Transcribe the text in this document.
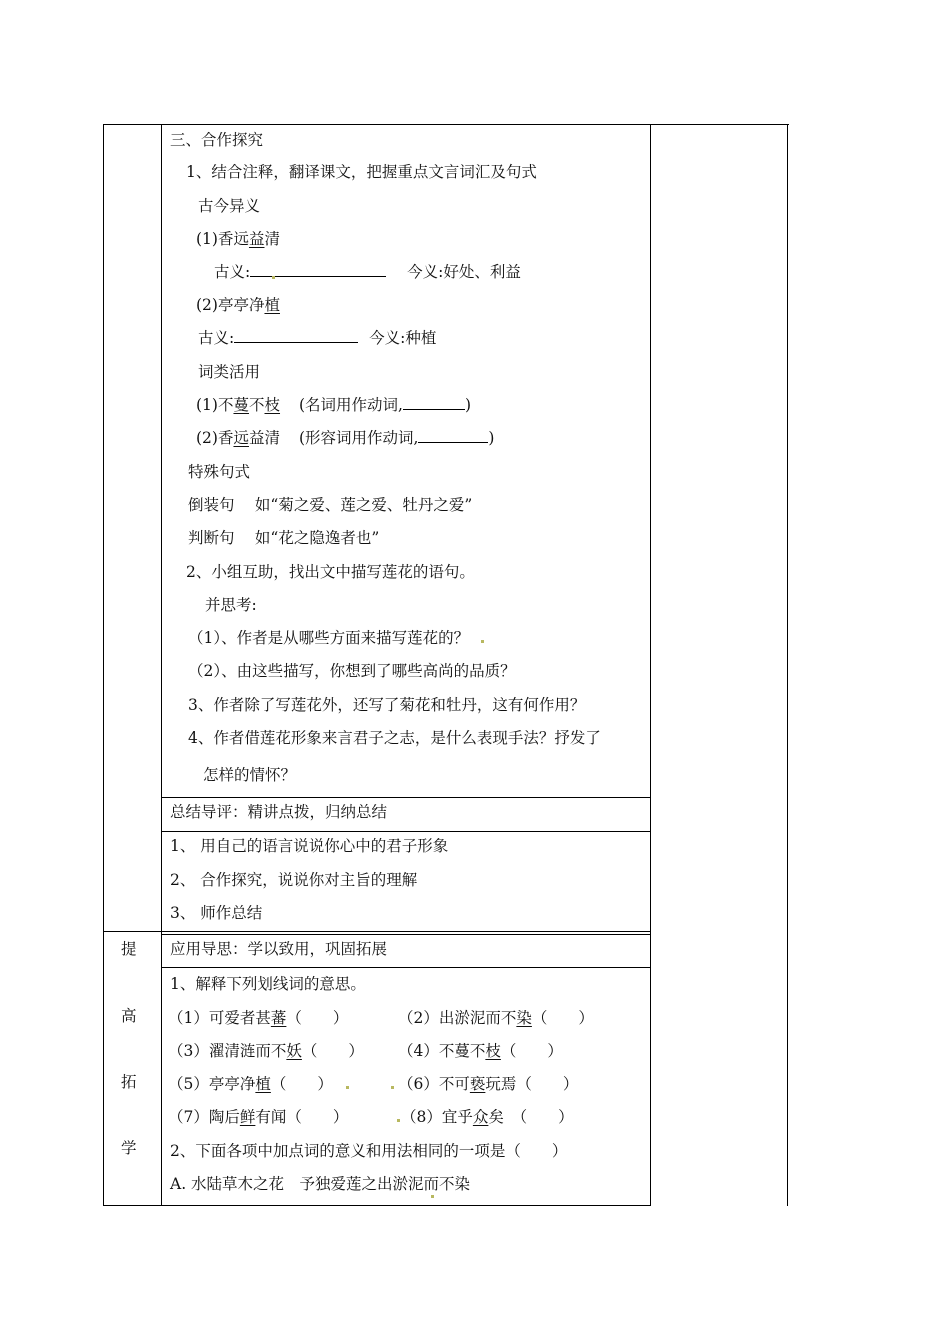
三、合作探究
1、结合注释，翻译课文，把握重点文言词汇及句式
古今异义
(1)香远益清
古义:	今义:好处、利益
(2)亭亭净植
古义:	今义:种植
词类活用
(1)不蔓不枝 (名词用作动词,	)
(2)香远益清 (形容词用作动词,	)
特殊句式
倒装句　 如“菊之爱、莲之爱、牡丹之爱”
判断句　 如“花之隐逸者也”
2、小组互助，找出文中描写莲花的语句。
并思考:
（1）、作者是从哪些方面来描写莲花的？
（2）、由这些描写，你想到了哪些高尚的品质？
3、作者除了写莲花外，还写了菊花和牡丹，这有何作用？
4、作者借莲花形象来言君子之志，是什么表现手法？抒发了
怎样的情怀？
总结导评：精讲点拨，归纳总结
1、 用自己的语言说说你心中的君子形象
2、 合作探究，说说你对主旨的理解
3、 师作总结
提
高
拓
学
应用导思：学以致用，巩固拓展
1、解释下列划线词的意思。
（1）可爱者甚蕃（　　）	（2）出淤泥而不染（　　）
（3）濯清涟而不妖（　　） （4）不蔓不枝（　　）
（5）亭亭净植（　　）	（6）不可亵玩焉（　　）
（7）陶后鲜有闻（　　）	（8）宜乎众矣　（　　）
2、下面各项中加点词的意义和用法相同的一项是（　　）
A. 水陆草木之花　予独爱莲之出淤泥而不染
